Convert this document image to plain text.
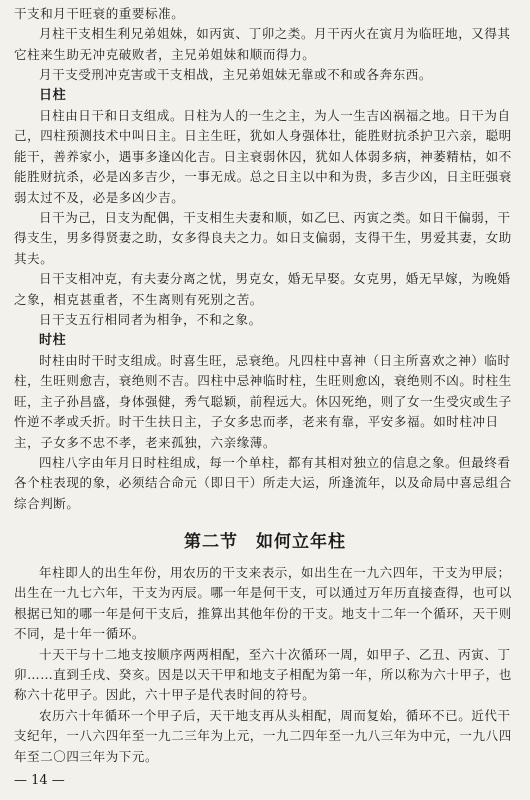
干支和月干旺衰的重要标准。

月柱干支相生利兄弟姐妹，如丙寅、丁卯之类。月干丙火在寅月为临旺地，又得其它柱来生助无冲克破败者，主兄弟姐妹和顺而得力。

月干支受刑冲克害或干支相战，主兄弟姐妹无靠或不和或各奔东西。

日柱

日柱由日干和日支组成。日柱为人的一生之主，为人一生吉凶祸福之地。日干为自己，四柱预测技术中叫日主。日主生旺，犹如人身强体壮，能胜财抗杀护卫六亲，聪明能干，善养家小，遇事多逢凶化吉。日主衰弱休囚，犹如人体弱多病，神萎精枯，如不能胜财抗杀，必是凶多吉少，一事无成。总之日主以中和为贵，多吉少凶，日主旺强衰弱太过不及，必是多凶少吉。

日干为己，日支为配偶，干支相生夫妻和顺，如乙巳、丙寅之类。如日干偏弱，干得支生，男多得贤妻之助，女多得良夫之力。如日支偏弱，支得干生，男爱其妻，女助其夫。

日干支相冲克，有夫妻分离之忧，男克女，婚无早娶。女克男，婚无早嫁，为晚婚之象，相克甚重者，不生离则有死别之苦。

日干支五行相同者为相争，不和之象。

时柱

时柱由时干时支组成。时喜生旺，忌衰绝。凡四柱中喜神（日主所喜欢之神）临时柱，生旺则愈吉，衰绝则不吉。四柱中忌神临时柱，生旺则愈凶，衰绝则不凶。时柱生旺，主子孙昌盛，身体强健，秀气聪颖，前程远大。休囚死绝，则了女一生受灾或生子忤逆不孝或夭折。时干生扶日主，子女多忠而孝，老来有靠，平安多福。如时柱冲日主，子女多不忠不孝，老来孤独，六亲缘薄。

四柱八字由年月日时柱组成，每一个单柱，都有其相对独立的信息之象。但最终看各个柱表现的象，必须结合命元（即日干）所走大运，所逢流年，以及命局中喜忌组合综合判断。

第二节　如何立年柱

年柱即人的出生年份，用农历的干支来表示，如出生在一九六四年，干支为甲辰；出生在一九七六年，干支为丙辰。哪一年是何干支，可以通过万年历直接查得，也可以根据已知的哪一年是何干支后，推算出其他年份的干支。地支十二年一个循环，天干则不同，是十年一循环。

十天干与十二地支按顺序两两相配，至六十次循环一周，如甲子、乙丑、丙寅、丁卯……直到壬戌、癸亥。因是以天干甲和地支子相配为第一年，所以称为六十甲子，也称六十花甲子。因此，六十甲子是代表时间的符号。

农历六十年循环一个甲子后，天干地支再从头相配，周而复始，循环不已。近代干支纪年，一八六四年至一九二三年为上元，一九二四年至一九八三年为中元，一九八四年至二〇四三年为下元。

— 14 —
